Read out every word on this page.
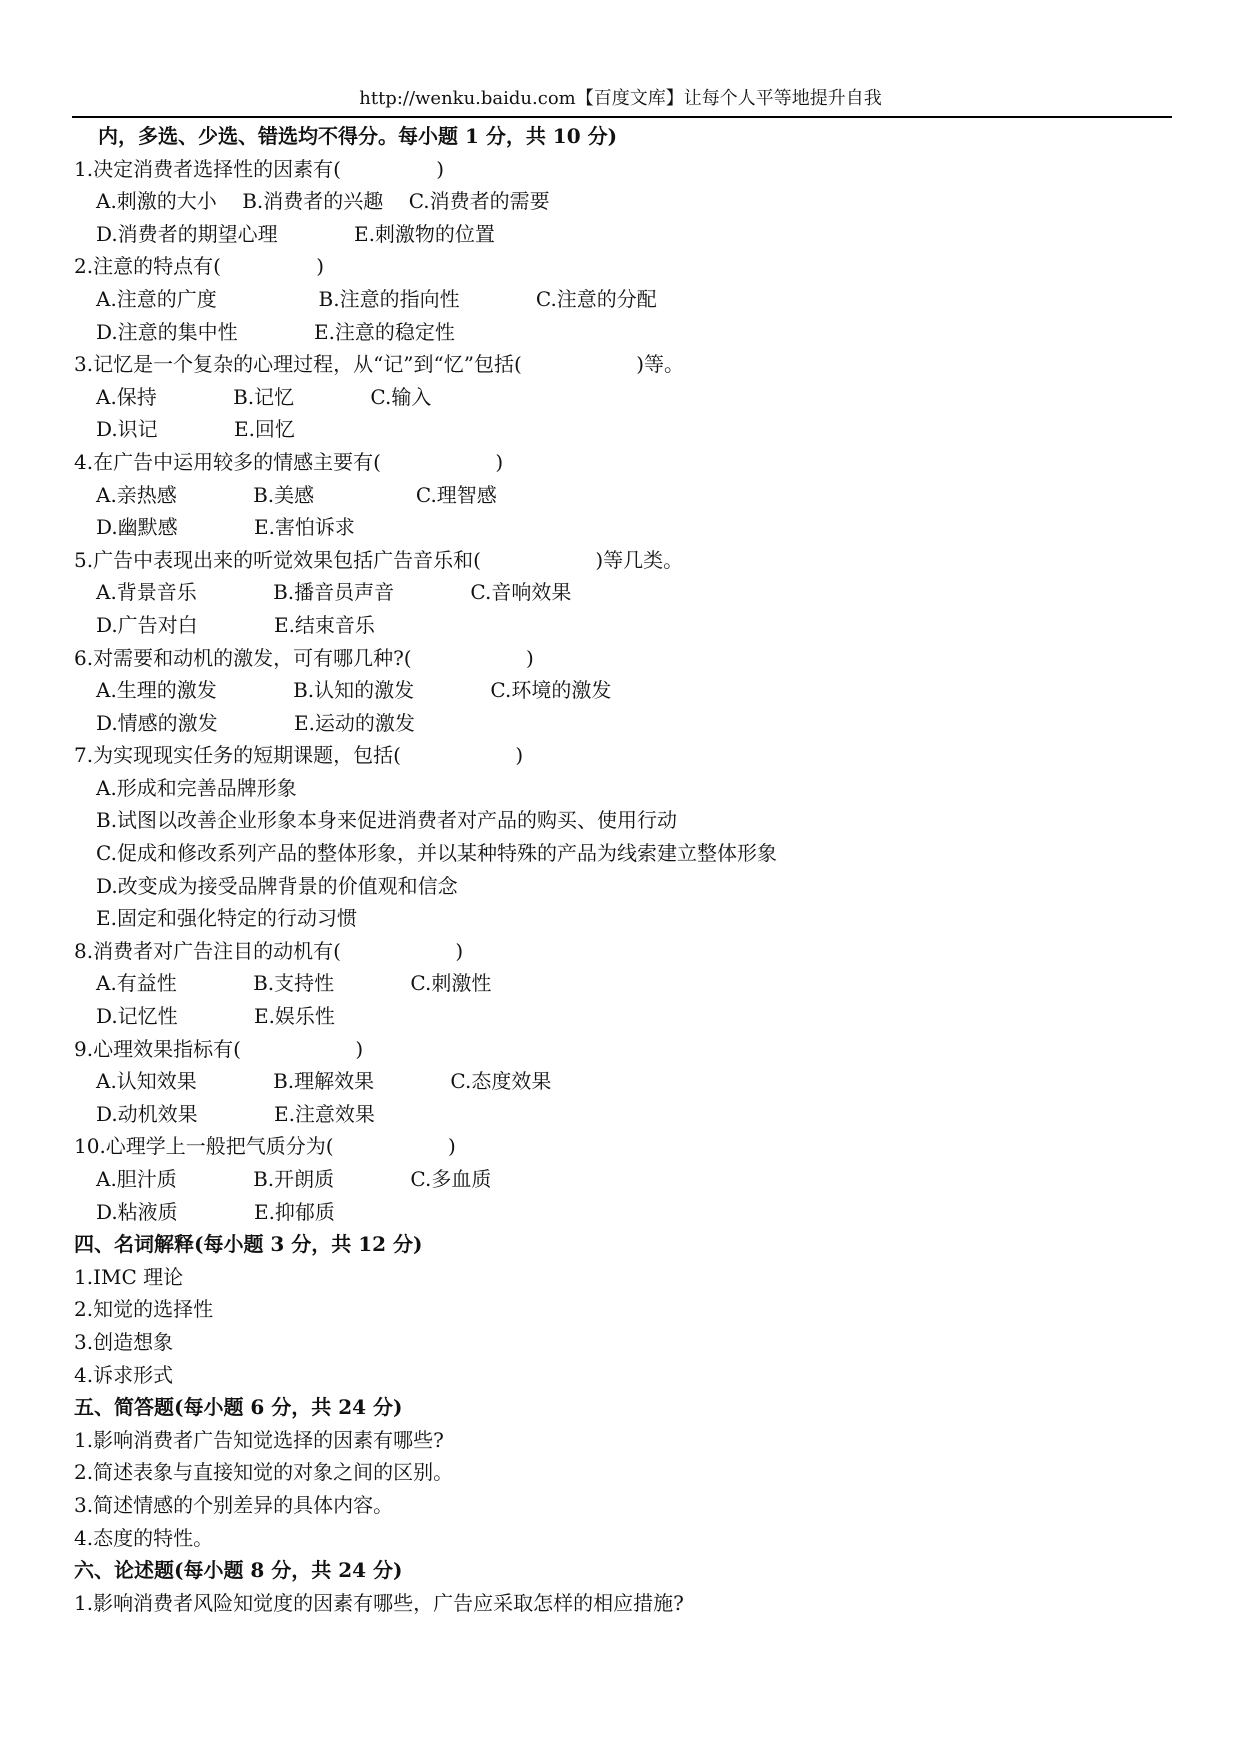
http://wenku.baidu.com【百度文库】让每个人平等地提升自我
内，多选、少选、错选均不得分。每小题 1 分，共 10 分)
1.决定消费者选择性的因素有(               )
A.刺激的大小    B.消费者的兴趣    C.消费者的需要
D.消费者的期望心理            E.刺激物的位置
2.注意的特点有(               )
A.注意的广度                B.注意的指向性            C.注意的分配
D.注意的集中性            E.注意的稳定性
3.记忆是一个复杂的心理过程，从“记”到“忆”包括(                  )等。
A.保持            B.记忆            C.输入
D.识记            E.回忆
4.在广告中运用较多的情感主要有(                  )
A.亲热感            B.美感                C.理智感
D.幽默感            E.害怕诉求
5.广告中表现出来的听觉效果包括广告音乐和(                  )等几类。
A.背景音乐            B.播音员声音            C.音响效果
D.广告对白            E.结束音乐
6.对需要和动机的激发，可有哪几种?(                  )
A.生理的激发            B.认知的激发            C.环境的激发
D.情感的激发            E.运动的激发
7.为实现现实任务的短期课题，包括(                  )
A.形成和完善品牌形象
B.试图以改善企业形象本身来促进消费者对产品的购买、使用行动
C.促成和修改系列产品的整体形象，并以某种特殊的产品为线索建立整体形象
D.改变成为接受品牌背景的价值观和信念
E.固定和强化特定的行动习惯
8.消费者对广告注目的动机有(                  )
A.有益性            B.支持性            C.刺激性
D.记忆性            E.娱乐性
9.心理效果指标有(                  )
A.认知效果            B.理解效果            C.态度效果
D.动机效果            E.注意效果
10.心理学上一般把气质分为(                  )
A.胆汁质            B.开朗质            C.多血质
D.粘液质            E.抑郁质
四、名词解释(每小题 3 分，共 12 分)
1.IMC 理论
2.知觉的选择性
3.创造想象
4.诉求形式
五、简答题(每小题 6 分，共 24 分)
1.影响消费者广告知觉选择的因素有哪些?
2.简述表象与直接知觉的对象之间的区别。
3.简述情感的个别差异的具体内容。
4.态度的特性。
六、论述题(每小题 8 分，共 24 分)
1.影响消费者风险知觉度的因素有哪些，广告应采取怎样的相应措施?
